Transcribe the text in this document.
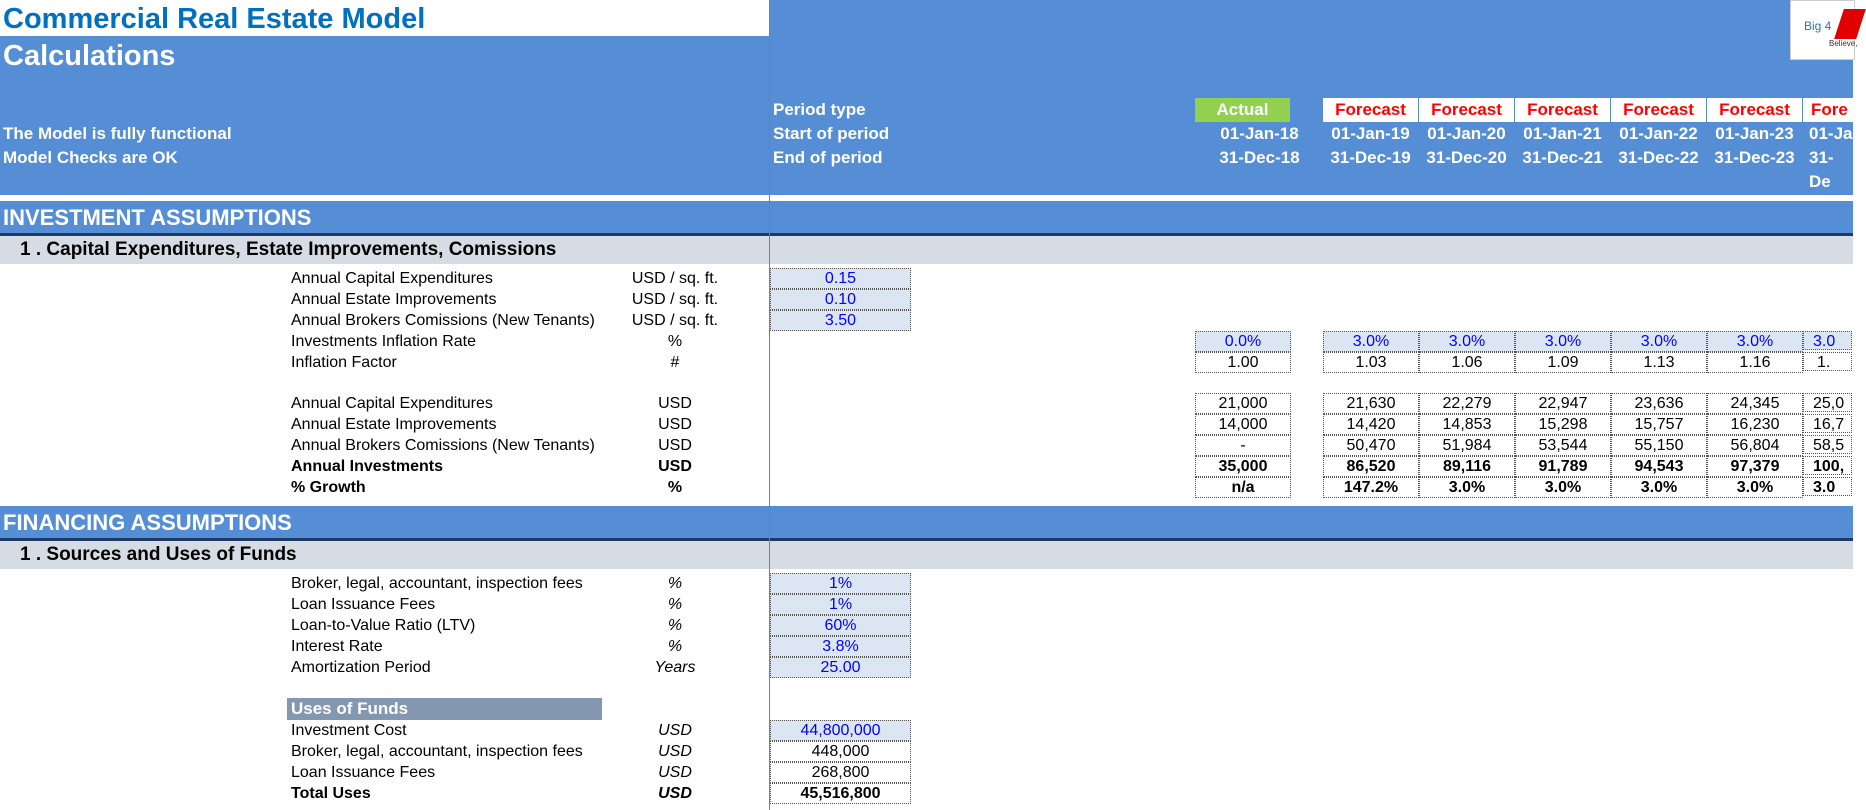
Commercial Real Estate Model
Calculations
The Model is fully functional
Model Checks are OK
Period type
Start of period
End of period
Actual	Forecast	Forecast	Forecast	Forecast	Forecast	Fore
01-Jan-18	01-Jan-19	01-Jan-20	01-Jan-21	01-Jan-22	01-Jan-23 01-Ja
31-Dec-18	31-Dec-19 31-Dec-20 31-Dec-21 31-Dec-22 31-Dec-23 31-De
Big 4
Believe,
INVESTMENT ASSUMPTIONS
1 . Capital Expenditures, Estate Improvements, Comissions
Annual Capital Expenditures	USD / sq. ft.	0.15
Annual Estate Improvements	USD / sq. ft.	0.10
Annual Brokers Comissions (New Tenants)	USD / sq. ft.	3.50
Investments Inflation Rate	%	0.0%	3.0%	3.0%	3.0%	3.0%	3.0%	3.0
Inflation Factor	#	1.00	1.03	1.06	1.09	1.13	1.16	1.
Annual Capital Expenditures	USD	21,000	21,630	22,279	22,947	23,636	24,345	25,0
Annual Estate Improvements	USD	14,000	14,420	14,853	15,298	15,757	16,230	16,7
Annual Brokers Comissions (New Tenants)	USD	-	50,470	51,984	53,544	55,150	56,804	58,5
Annual Investments	USD	35,000	86,520	89,116	91,789	94,543	97,379	100,
% Growth	%	n/a	147.2%	3.0%	3.0%	3.0%	3.0%	3.0
FINANCING ASSUMPTIONS
1 . Sources and Uses of Funds
Broker, legal, accountant, inspection fees	%	1%
Loan Issuance Fees	%	1%
Loan-to-Value Ratio (LTV)	%	60%
Interest Rate	%	3.8%
Amortization Period	Years	25.00
Uses of Funds
Investment Cost	USD	44,800,000
Broker, legal, accountant, inspection fees	USD	448,000
Loan Issuance Fees	USD	268,800
Total Uses	USD	45,516,800
